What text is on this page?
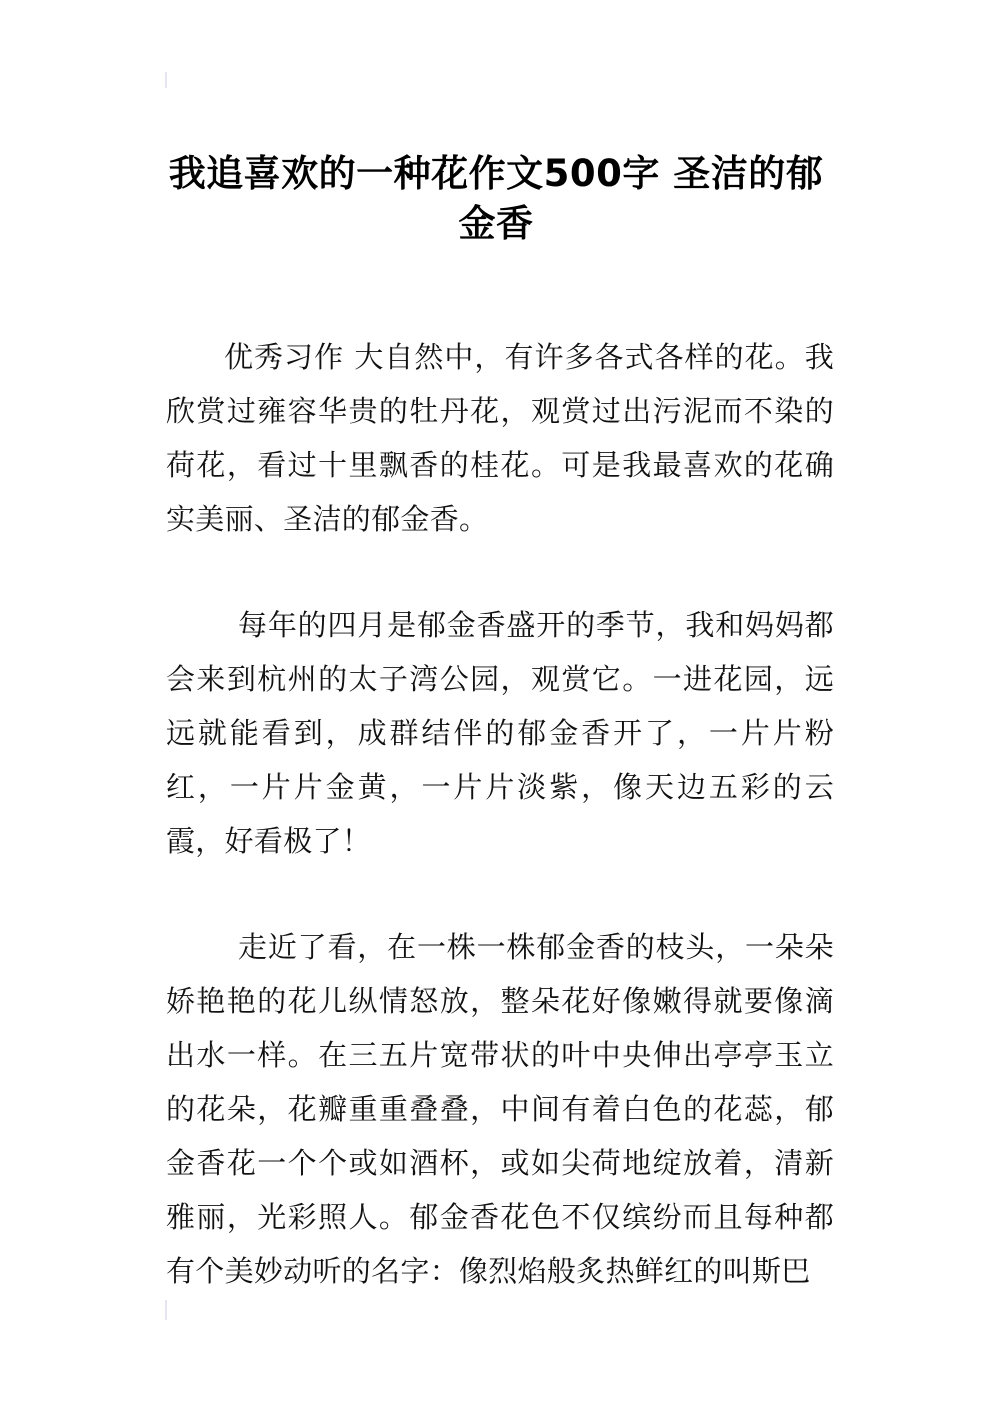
我追喜欢的一种花作文500字 圣洁的郁金香

优秀习作 大自然中，有许多各式各样的花。我欣赏过雍容华贵的牡丹花，观赏过出污泥而不染的荷花，看过十里飘香的桂花。可是我最喜欢的花确实美丽、圣洁的郁金香。

每年的四月是郁金香盛开的季节，我和妈妈都会来到杭州的太子湾公园，观赏它。一进花园，远远就能看到，成群结伴的郁金香开了，一片片粉红，一片片金黄，一片片淡紫，像天边五彩的云霞，好看极了！

走近了看，在一株一株郁金香的枝头，一朵朵娇艳艳的花儿纵情怒放，整朵花好像嫩得就要像滴出水一样。在三五片宽带状的叶中央伸出亭亭玉立的花朵，花瓣重重叠叠，中间有着白色的花蕊，郁金香花一个个或如酒杯，或如尖荷地绽放着，清新雅丽，光彩照人。郁金香花色不仅缤纷而且每种都有个美妙动听的名字：像烈焰般炙热鲜红的叫斯巴
